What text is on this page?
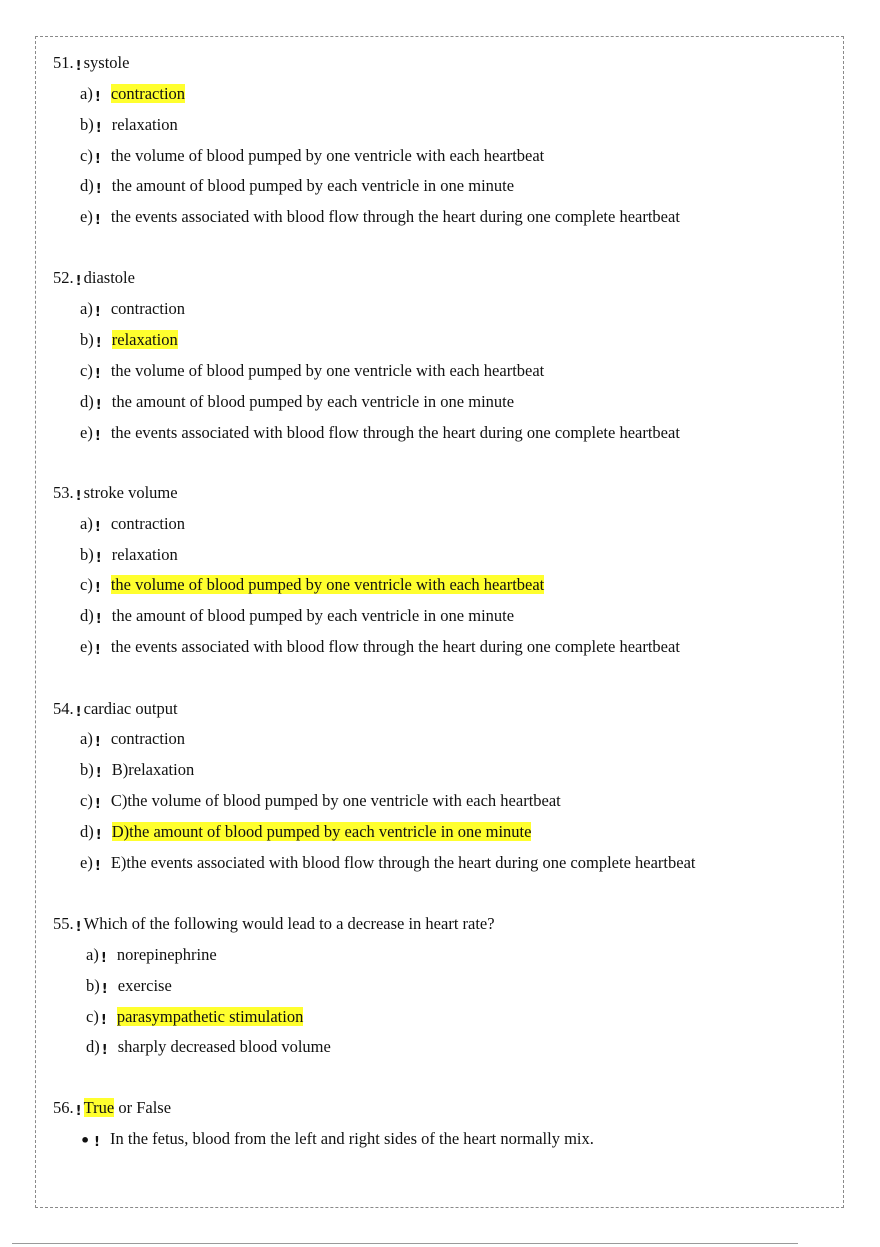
51. ! systole
a) ! contraction
b) ! relaxation
c) ! the volume of blood pumped by one ventricle with each heartbeat
d) ! the amount of blood pumped by each ventricle in one minute
e) ! the events associated with blood flow through the heart during one complete heartbeat
52. ! diastole
a) ! contraction
b) ! relaxation
c) ! the volume of blood pumped by one ventricle with each heartbeat
d) ! the amount of blood pumped by each ventricle in one minute
e) ! the events associated with blood flow through the heart during one complete heartbeat
53. ! stroke volume
a) ! contraction
b) ! relaxation
c) ! the volume of blood pumped by one ventricle with each heartbeat
d) ! the amount of blood pumped by each ventricle in one minute
e) ! the events associated with blood flow through the heart during one complete heartbeat
54. ! cardiac output
a) ! contraction
b) ! B)relaxation
c) ! C)the volume of blood pumped by one ventricle with each heartbeat
d) ! D)the amount of blood pumped by each ventricle in one minute
e) ! E)the events associated with blood flow through the heart during one complete heartbeat
55. ! Which of the following would lead to a decrease in heart rate?
a) ! norepinephrine
b) ! exercise
c) ! parasympathetic stimulation
d) ! sharply decreased blood volume
56. ! True or False
• ! In the fetus, blood from the left and right sides of the heart normally mix.
